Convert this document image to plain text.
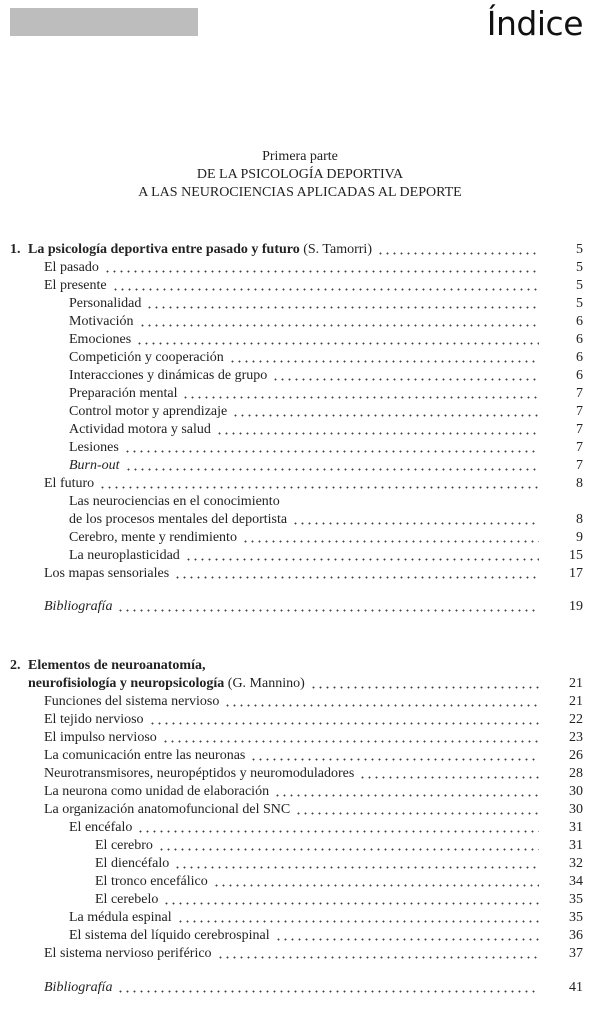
Índice
Primera parte
DE LA PSICOLOGÍA DEPORTIVA
A LAS NEUROCIENCIAS APLICADAS AL DEPORTE
1. La psicología deportiva entre pasado y futuro (S. Tamorri)	5
El pasado	5
El presente	5
Personalidad	5
Motivación	6
Emociones	6
Competición y cooperación	6
Interacciones y dinámicas de grupo	6
Preparación mental	7
Control motor y aprendizaje	7
Actividad motora y salud	7
Lesiones	7
Burn-out	7
El futuro	8
Las neurociencias en el conocimiento
de los procesos mentales del deportista	8
Cerebro, mente y rendimiento	9
La neuroplasticidad	15
Los mapas sensoriales	17
Bibliografía	19
2. Elementos de neuroanatomía,
neurofisiología y neuropsicología (G. Mannino)	21
Funciones del sistema nervioso	21
El tejido nervioso	22
El impulso nervioso	23
La comunicación entre las neuronas	26
Neurotransmisores, neuropéptidos y neuromoduladores	28
La neurona como unidad de elaboración	30
La organización anatomofuncional del SNC	30
El encéfalo	31
El cerebro	31
El diencéfalo	32
El tronco encefálico	34
El cerebelo	35
La médula espinal	35
El sistema del líquido cerebrospinal	36
El sistema nervioso periférico	37
Bibliografía	41
